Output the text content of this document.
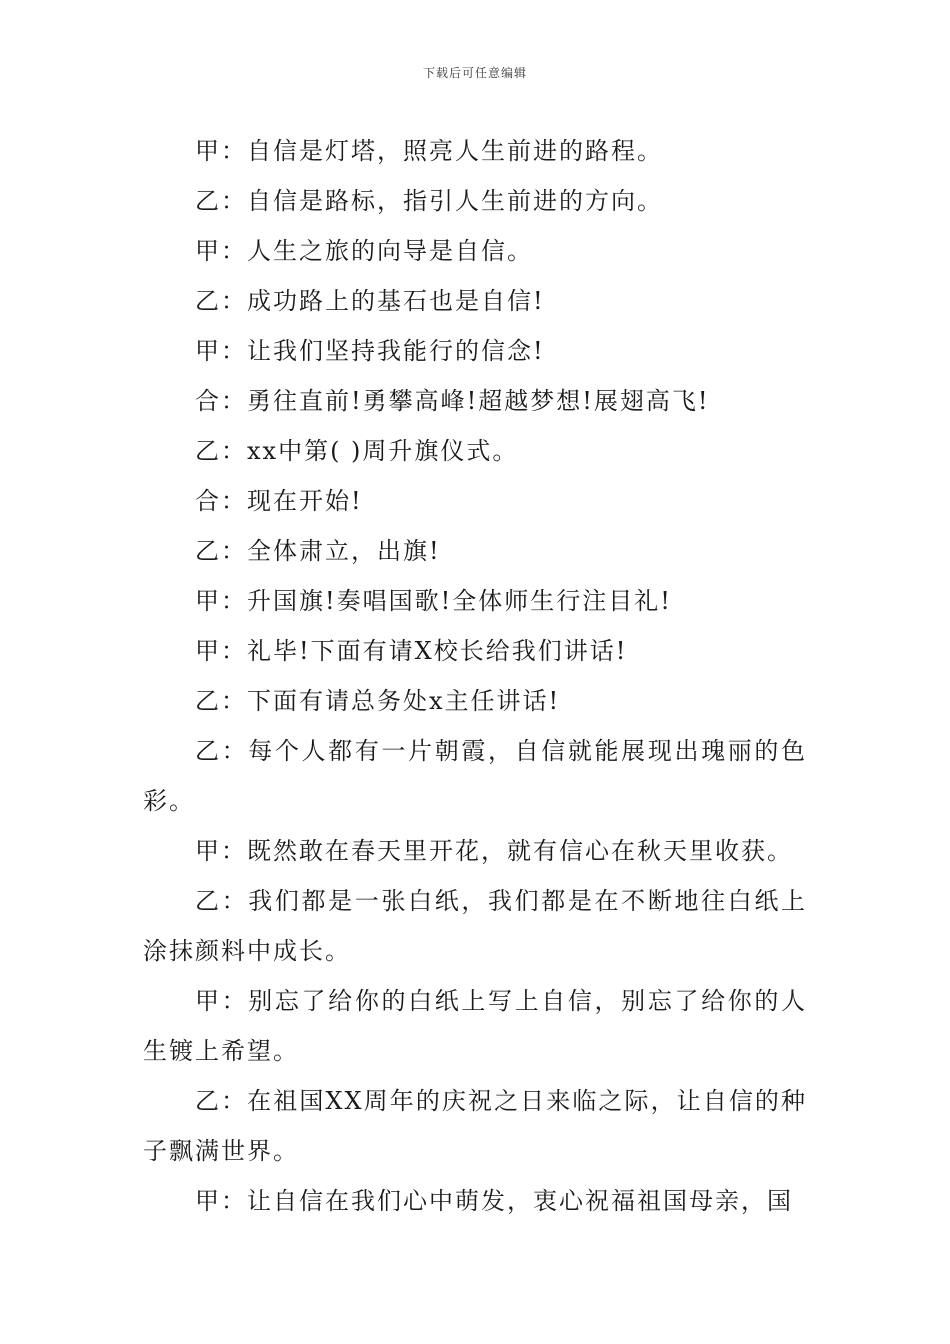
下载后可任意编辑

甲：自信是灯塔，照亮人生前进的路程。

乙：自信是路标，指引人生前进的方向。

甲：人生之旅的向导是自信。

乙：成功路上的基石也是自信!

甲：让我们坚持我能行的信念!

合：勇往直前!勇攀高峰!超越梦想!展翅高飞!

乙：xx中第( )周升旗仪式。

合：现在开始!

乙：全体肃立，出旗!

甲：升国旗!奏唱国歌!全体师生行注目礼!

甲：礼毕!下面有请X校长给我们讲话!

乙：下面有请总务处x主任讲话!

乙：每个人都有一片朝霞，自信就能展现出瑰丽的色彩。

甲：既然敢在春天里开花，就有信心在秋天里收获。

乙：我们都是一张白纸，我们都是在不断地往白纸上涂抹颜料中成长。

甲：别忘了给你的白纸上写上自信，别忘了给你的人生镀上希望。

乙：在祖国XX周年的庆祝之日来临之际，让自信的种子飘满世界。

甲：让自信在我们心中萌发，衷心祝福祖国母亲，国
